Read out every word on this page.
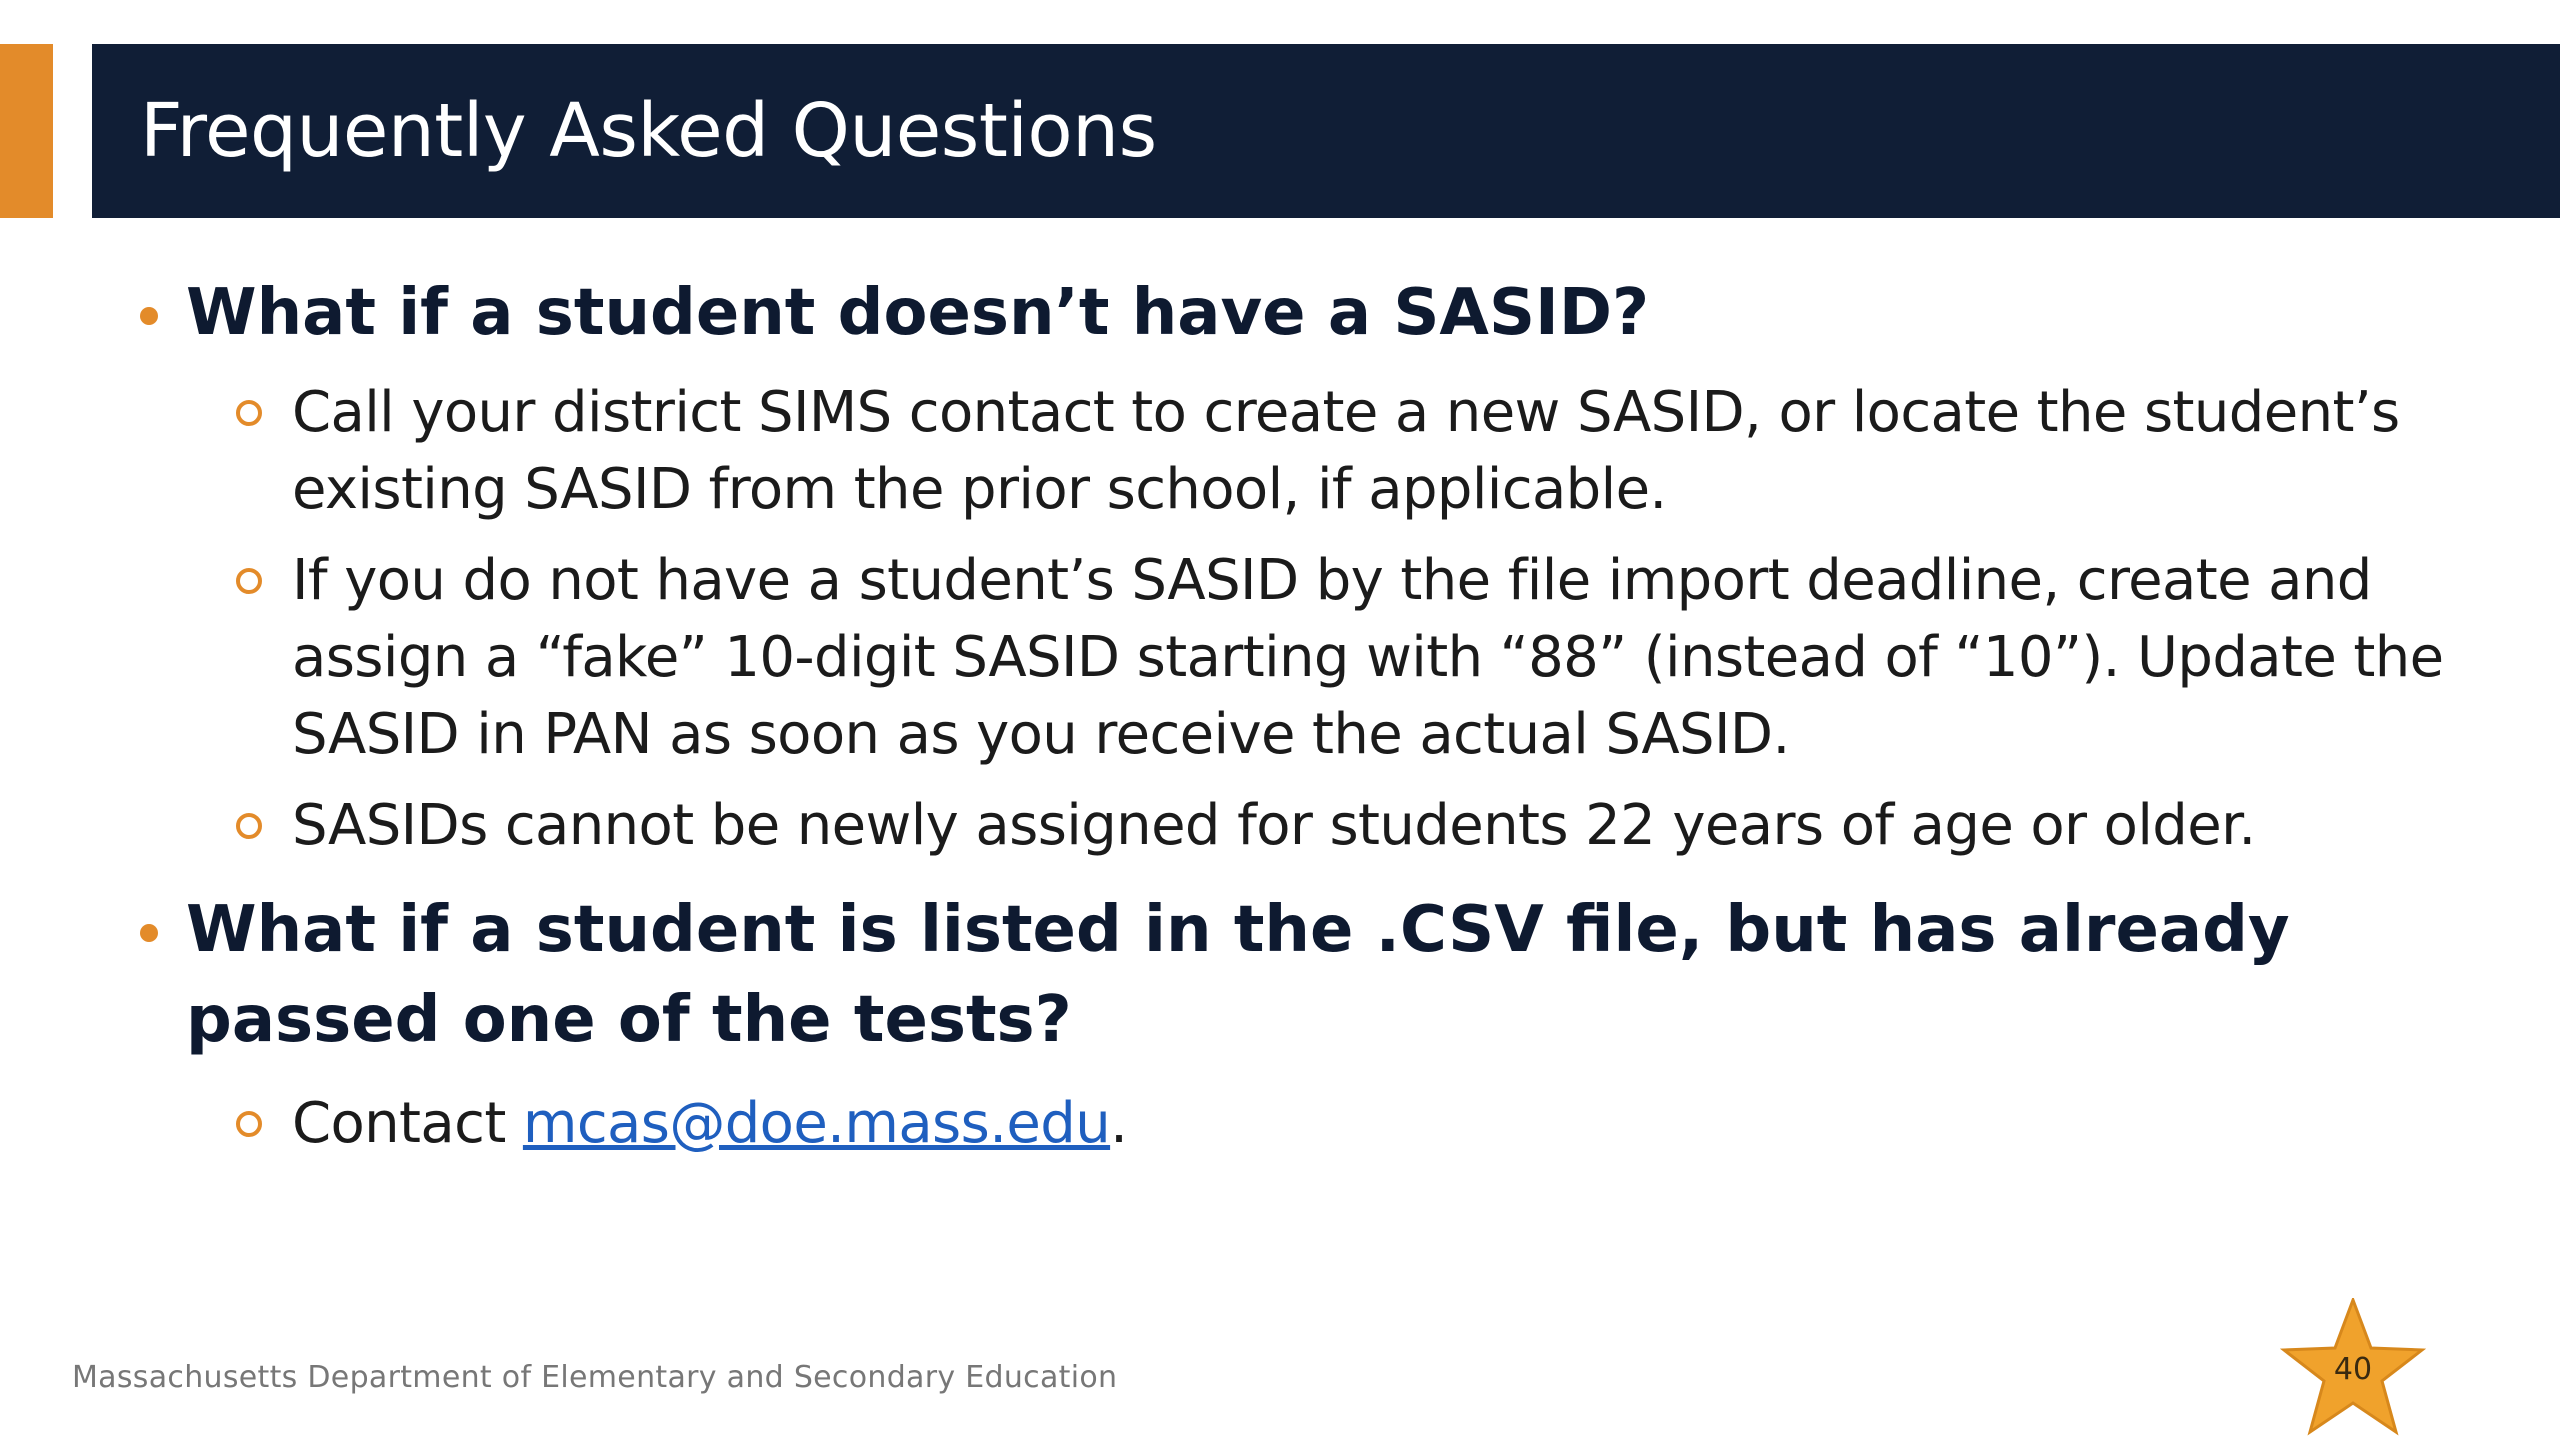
Frequently Asked Questions
What if a student doesn’t have a SASID?
Call your district SIMS contact to create a new SASID, or locate the student’s existing SASID from the prior school, if applicable.
If you do not have a student’s SASID by the file import deadline, create and assign a “fake” 10-digit SASID starting with “88” (instead of “10”). Update the SASID in PAN as soon as you receive the actual SASID.
SASIDs cannot be newly assigned for students 22 years of age or older.
What if a student is listed in the .CSV file, but has already passed one of the tests?
Contact mcas@doe.mass.edu.
Massachusetts Department of Elementary and Secondary Education	40
